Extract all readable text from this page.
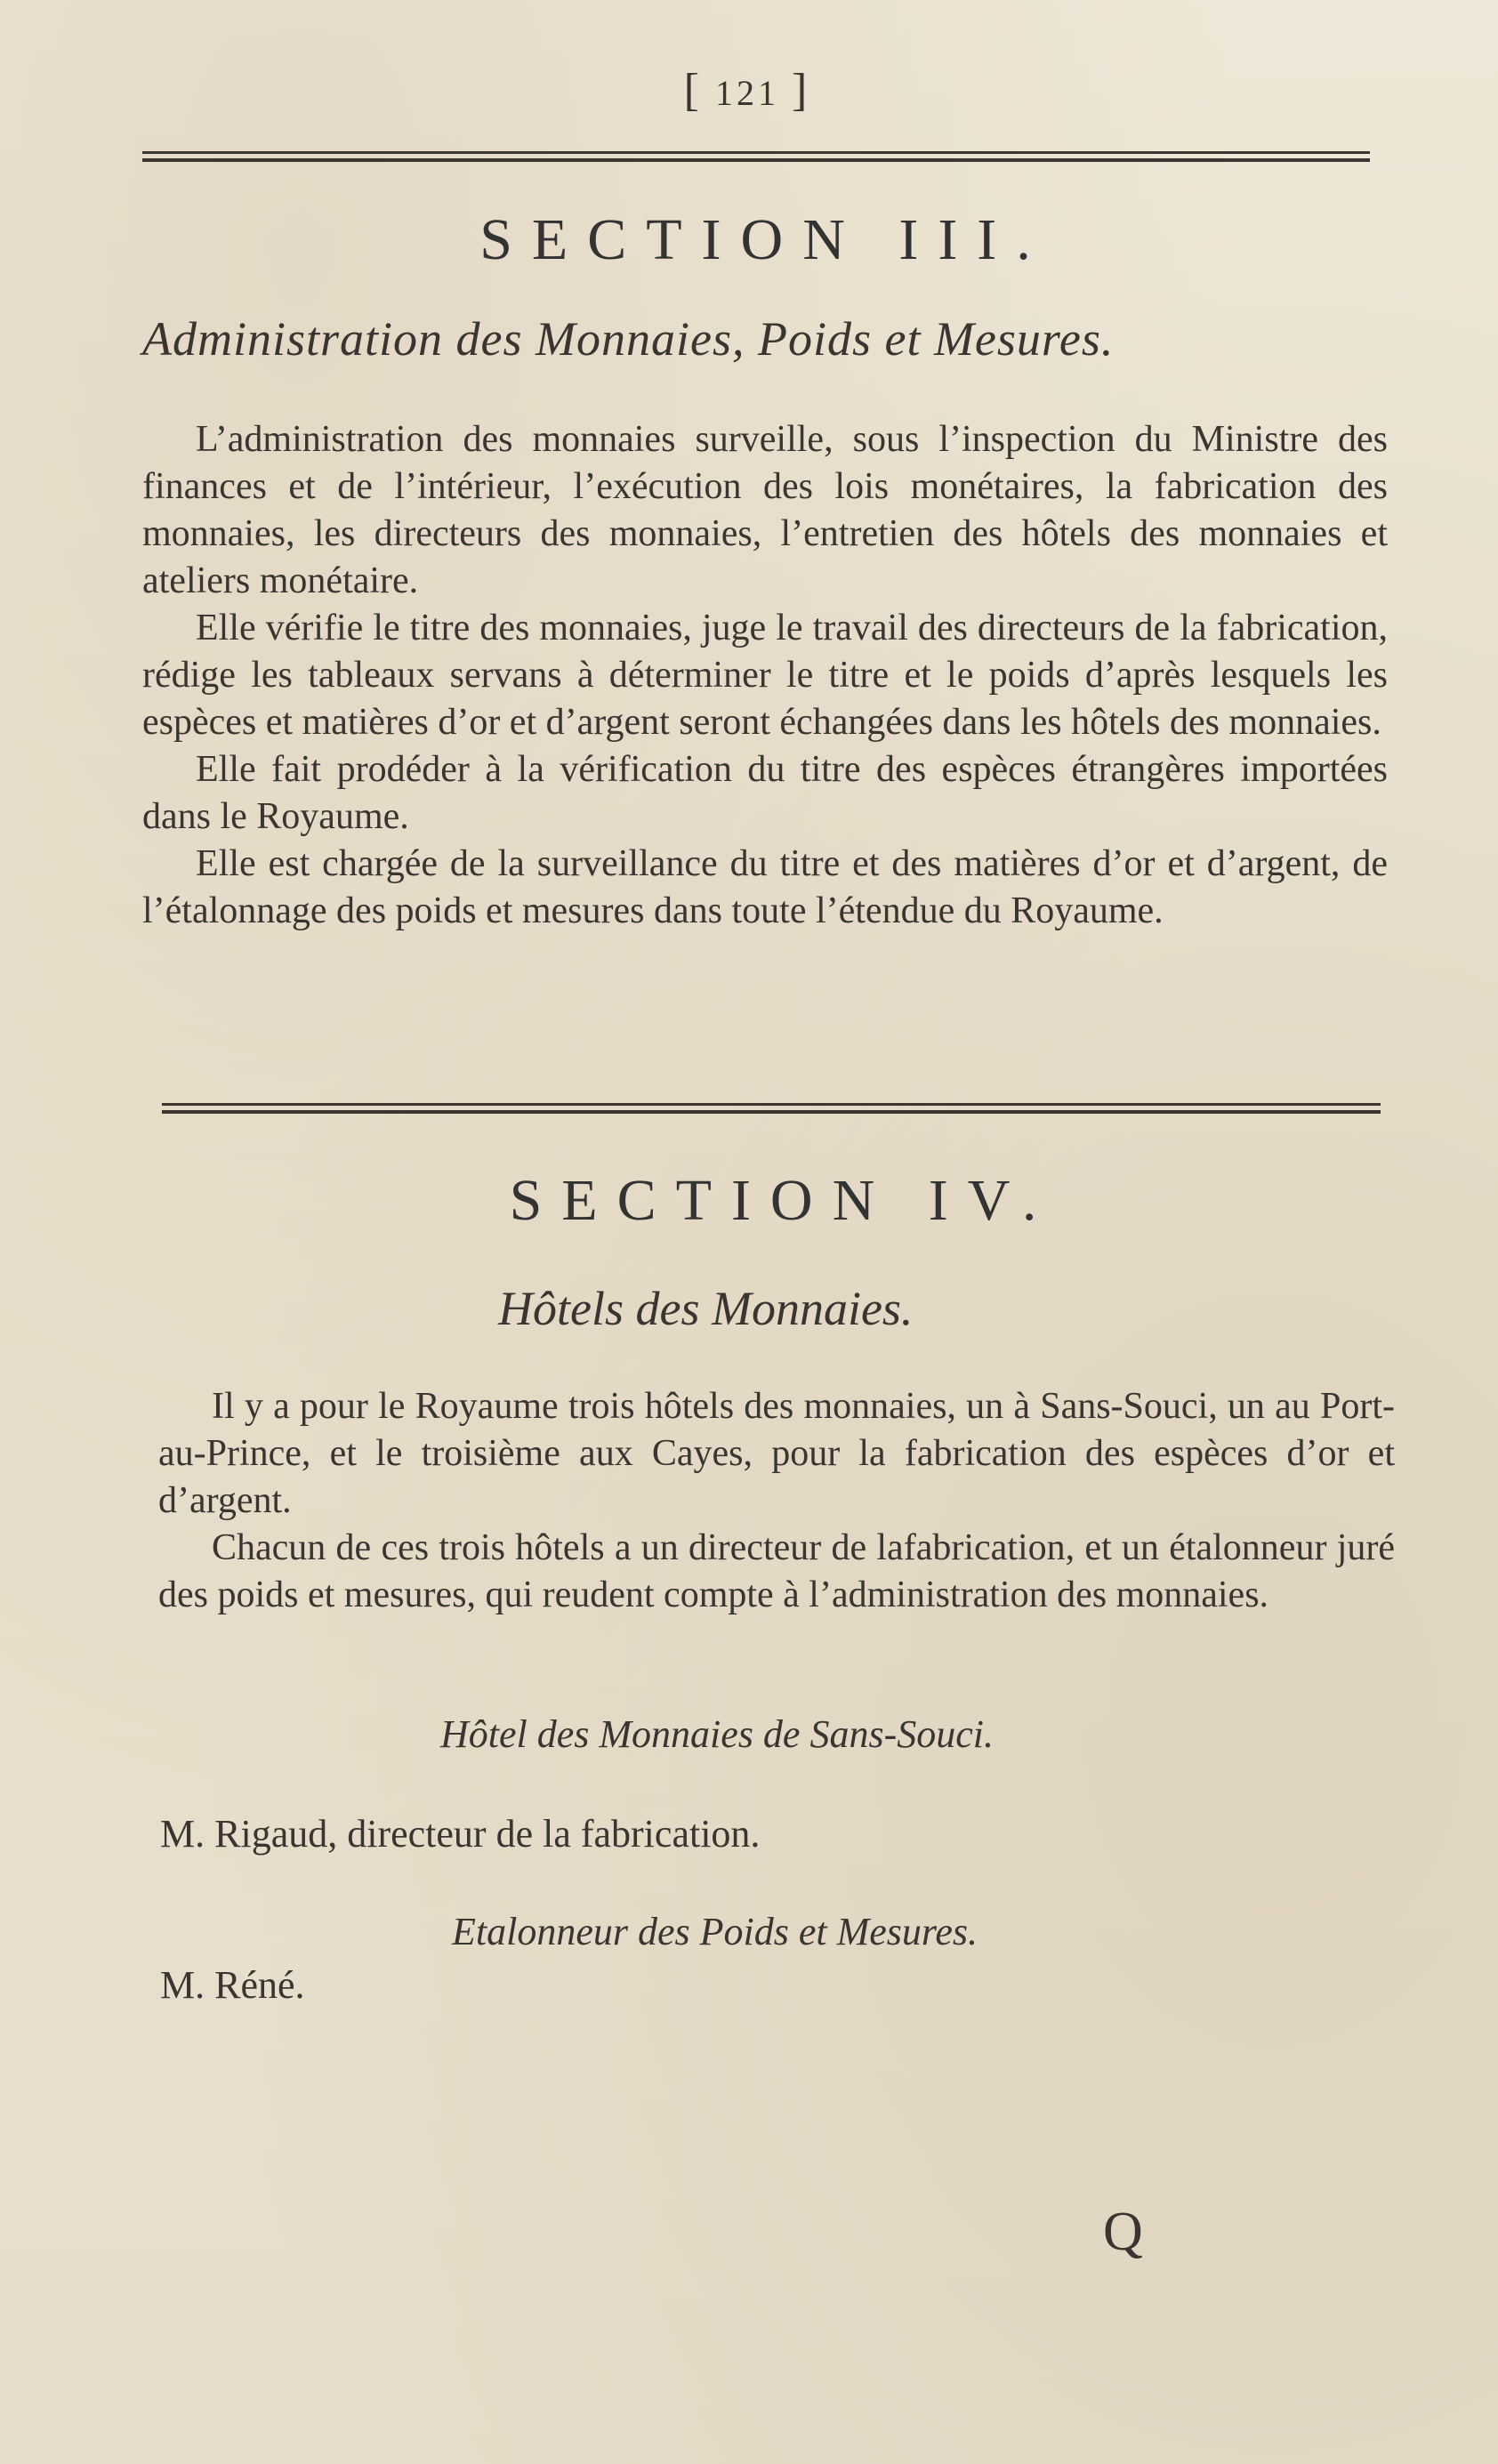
[ 121 ]
SECTION III.
Administration des Monnaies, Poids et Mesures.

L’administration des monnaies surveille, sous l’inspection du Ministre des finances et de l’intérieur, l’exécution des lois monétaires, la fabrication des monnaies, les directeurs des monnaies, l’entretien des hôtels des monnaies et ateliers monétaire.

Elle vérifie le titre des monnaies, juge le travail des directeurs de la fabrication, rédige les tableaux servans à déterminer le titre et le poids d’après lesquels les espèces et matières d’or et d’argent seront échangées dans les hôtels des monnaies.

Elle fait prodéder à la vérification du titre des espèces étrangères importées dans le Royaume.

Elle est chargée de la surveillance du titre et des matières d’or et d’argent, de l’étalonnage des poids et mesures dans toute l’étendue du Royaume.

SECTION IV.
Hôtels des Monnaies.

Il y a pour le Royaume trois hôtels des monnaies, un à Sans-Souci, un au Port-au-Prince, et le troisième aux Cayes, pour la fabrication des espèces d’or et d’argent.

Chacun de ces trois hôtels a un directeur de lafabrication, et un étalonneur juré des poids et mesures, qui reudent compte à l’administration des monnaies.

Hôtel des Monnaies de Sans-Souci.
M. Rigaud, directeur de la fabrication.
Etalonneur des Poids et Mesures.
M. Réné.
Q
